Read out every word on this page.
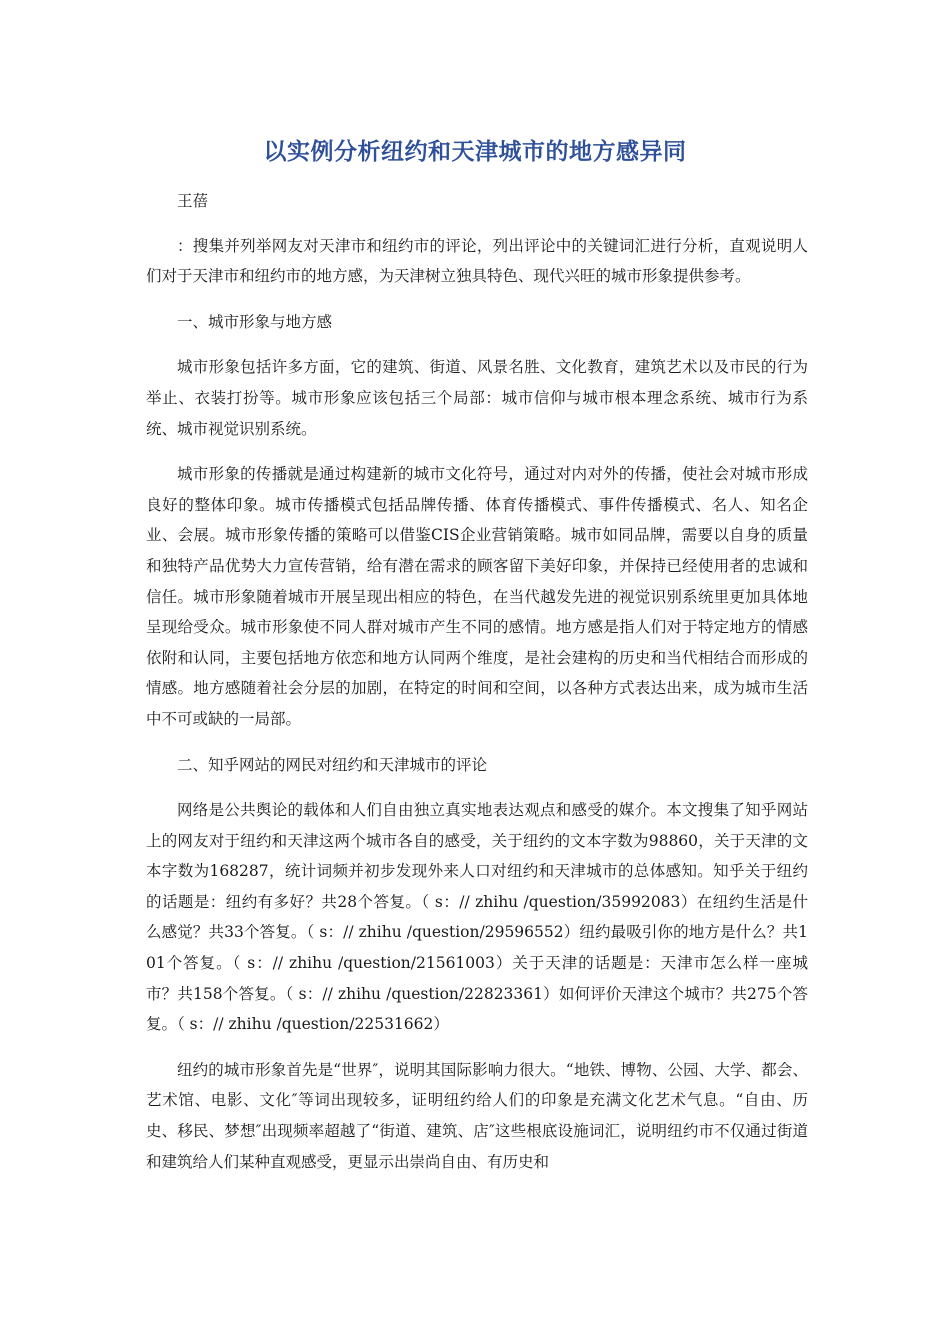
以实例分析纽约和天津城市的地方感异同

王蓓

：搜集并列举网友对天津市和纽约市的评论，列出评论中的关键词汇进行分析，直观说明人们对于天津市和纽约市的地方感，为天津树立独具特色、现代兴旺的城市形象提供参考。

一、城市形象与地方感

城市形象包括许多方面，它的建筑、街道、风景名胜、文化教育，建筑艺术以及市民的行为举止、衣装打扮等。城市形象应该包括三个局部：城市信仰与城市根本理念系统、城市行为系统、城市视觉识别系统。

城市形象的传播就是通过构建新的城市文化符号，通过对内对外的传播，使社会对城市形成良好的整体印象。城市传播模式包括品牌传播、体育传播模式、事件传播模式、名人、知名企业、会展。城市形象传播的策略可以借鉴CIS企业营销策略。城市如同品牌，需要以自身的质量和独特产品优势大力宣传营销，给有潜在需求的顾客留下美好印象，并保持已经使用者的忠诚和信任。城市形象随着城市开展呈现出相应的特色，在当代越发先进的视觉识别系统里更加具体地呈现给受众。城市形象使不同人群对城市产生不同的感情。地方感是指人们对于特定地方的情感依附和认同，主要包括地方依恋和地方认同两个维度，是社会建构的历史和当代相结合而形成的情感。地方感随着社会分层的加剧，在特定的时间和空间，以各种方式表达出来，成为城市生活中不可或缺的一局部。

二、知乎网站的网民对纽约和天津城市的评论

网络是公共舆论的载体和人们自由独立真实地表达观点和感受的媒介。本文搜集了知乎网站上的网友对于纽约和天津这两个城市各自的感受，关于纽约的文本字数为98860，关于天津的文本字数为168287，统计词频并初步发现外来人口对纽约和天津城市的总体感知。知乎关于纽约的话题是：纽约有多好？共28个答复。（ s：// zhihu /question/35992083）在纽约生活是什么感觉？共33个答复。（ s：// zhihu /question/29596552）纽约最吸引你的地方是什么？共101个答复。（ s：// zhihu /question/21561003）关于天津的话题是：天津市怎么样一座城市？共158个答复。（ s：// zhihu /question/22823361）如何评价天津这个城市？共275个答复。（ s：// zhihu /question/22531662）

纽约的城市形象首先是“世界″，说明其国际影响力很大。“地铁、博物、公园、大学、都会、艺术馆、电影、文化″等词出现较多，证明纽约给人们的印象是充满文化艺术气息。“自由、历史、移民、梦想″出现频率超越了“街道、建筑、店″这些根底设施词汇，说明纽约市不仅通过街道和建筑给人们某种直观感受，更显示出崇尚自由、有历史和
